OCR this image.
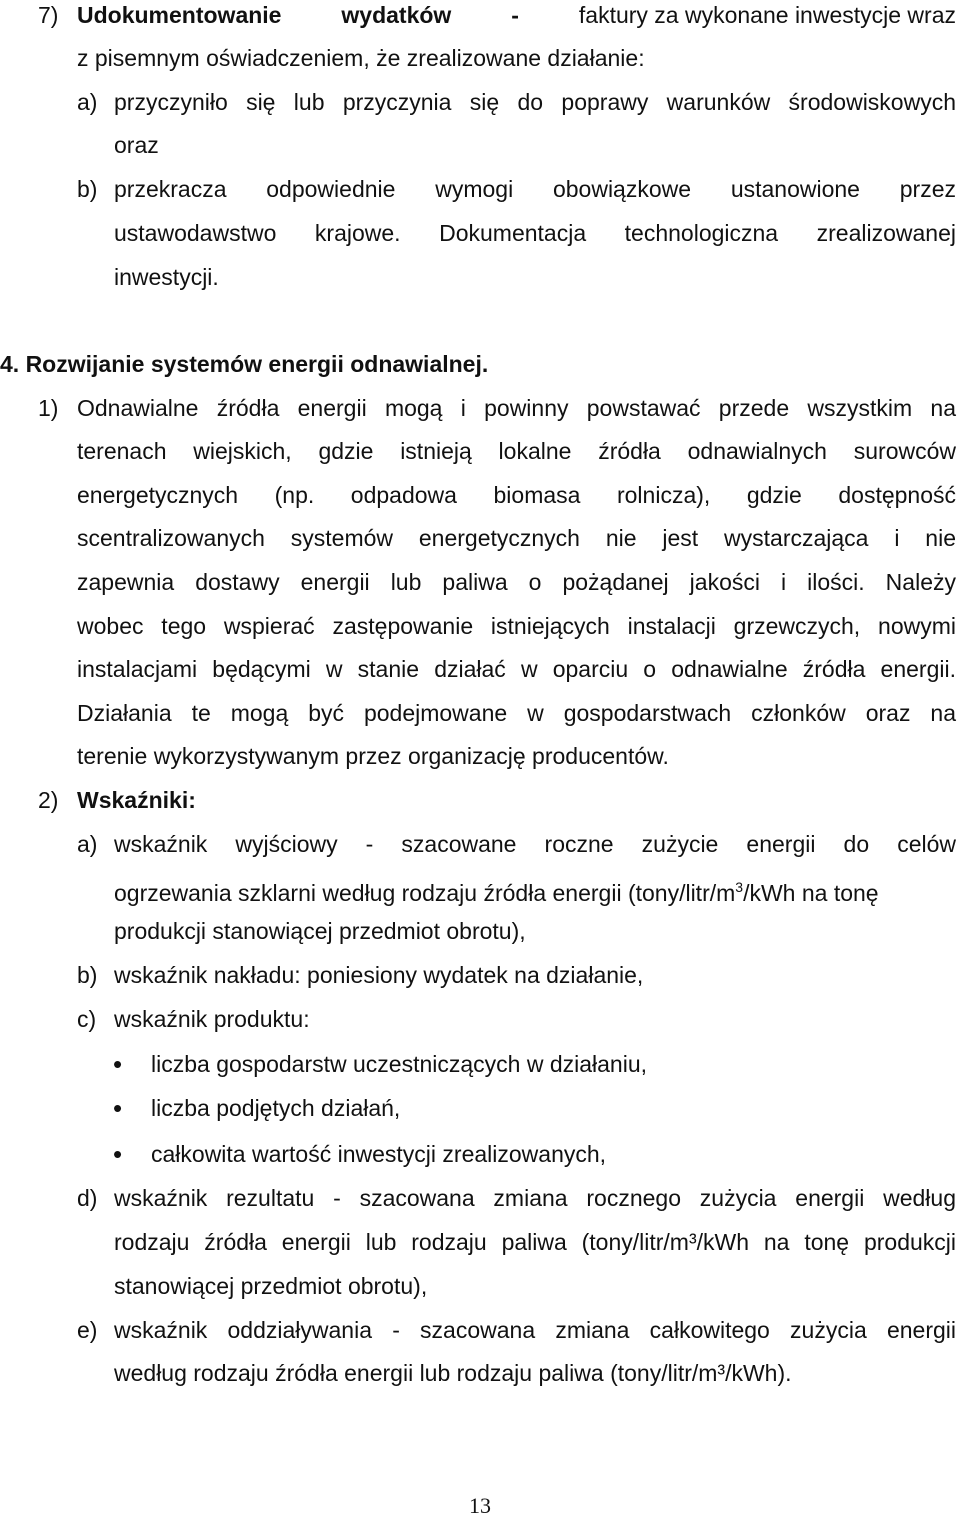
7) Udokumentowanie wydatków -	faktury za wykonane inwestycje wraz
z pisemnym oświadczeniem, że zrealizowane działanie:
a) przyczyniło się lub przyczynia się do poprawy warunków środowiskowych
oraz
b) przekracza odpowiednie wymogi obowiązkowe ustanowione przez
ustawodawstwo krajowe. Dokumentacja technologiczna zrealizowanej
inwestycji.
4. Rozwijanie systemów energii odnawialnej.
1) Odnawialne źródła energii mogą i powinny powstawać przede wszystkim na
terenach wiejskich, gdzie istnieją lokalne źródła odnawialnych surowców
energetycznych (np. odpadowa biomasa rolnicza), gdzie dostępność
scentralizowanych systemów energetycznych nie jest wystarczająca i nie
zapewnia dostawy energii lub paliwa o pożądanej jakości i ilości. Należy
wobec tego wspierać zastępowanie istniejących instalacji grzewczych, nowymi
instalacjami będącymi w stanie działać w oparciu o odnawialne źródła energii.
Działania te mogą być podejmowane w gospodarstwach członków oraz na
terenie wykorzystywanym przez organizację producentów.
2) Wskaźniki:
a) wskaźnik wyjściowy - szacowane roczne zużycie energii do celów
ogrzewania szklarni według rodzaju źródła energii ($tony/litr/m^3$/kWh na tonę
produkcji stanowiącej przedmiot obrotu),
b) wskaźnik nakładu: poniesiony wydatek na działanie,
c) wskaźnik produktu:
• liczba gospodarstw uczestniczących w działaniu,
• liczba podjętych działań,
• całkowita wartość inwestycji zrealizowanych,
d) wskaźnik rezultatu - szacowana zmiana rocznego zużycia energii według
rodzaju źródła energii lub rodzaju paliwa (tony/litr/m³/kWh na tonę produkcji
stanowiącej przedmiot obrotu),
e) wskaźnik oddziaływania - szacowana zmiana całkowitego zużycia energii
według rodzaju źródła energii lub rodzaju paliwa (tony/litr/m³/kWh).
13
